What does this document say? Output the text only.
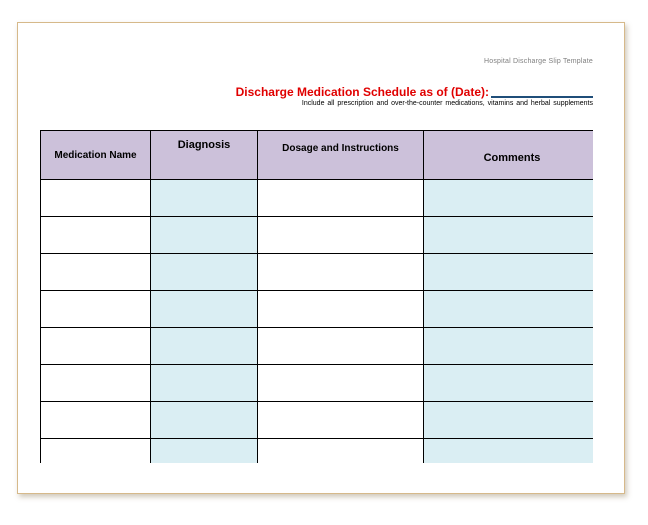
Hospital Discharge Slip Template
Discharge Medication Schedule as of (Date):
Include all prescription and over-the-counter medications, vitamins and herbal supplements
Medication Name	Diagnosis	Dosage and Instructions	Comments
